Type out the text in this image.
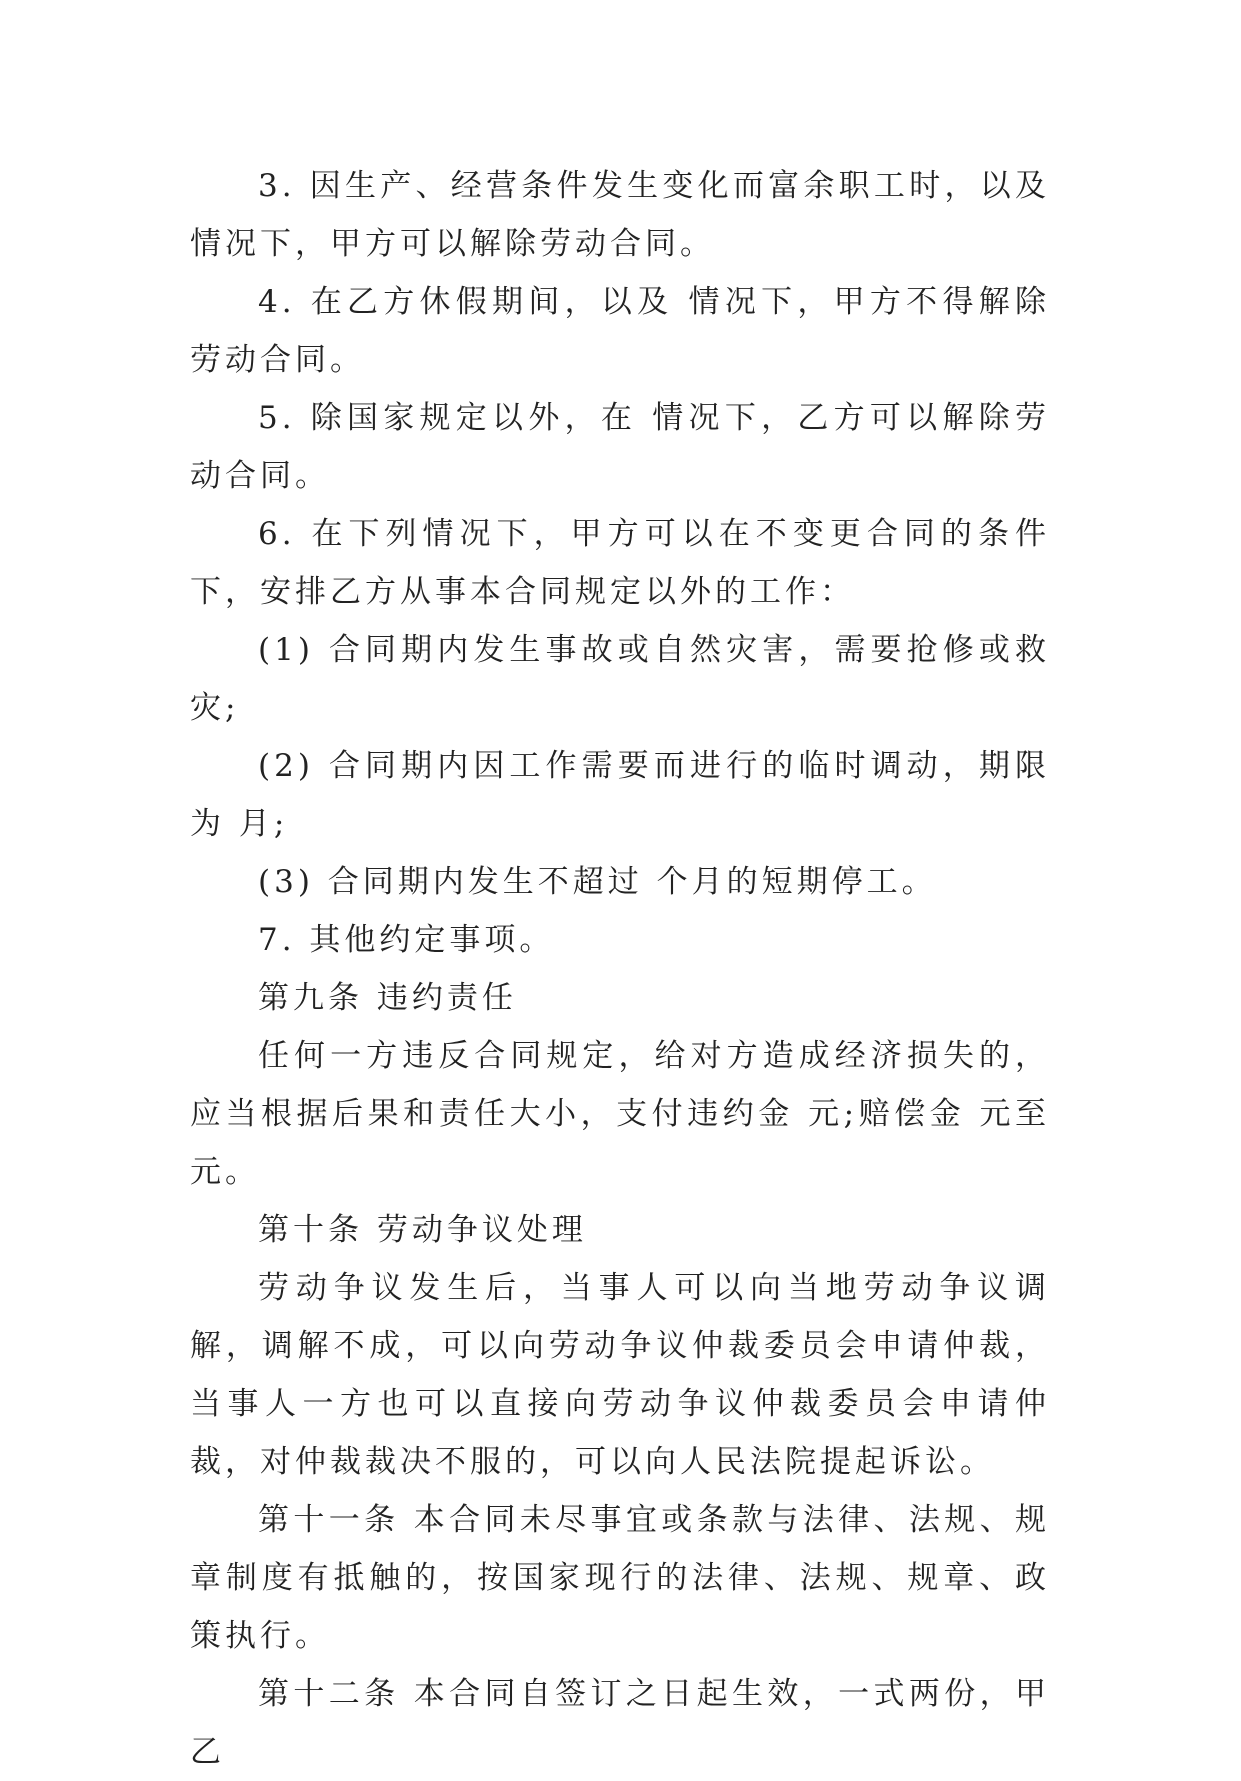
3. 因生产、经营条件发生变化而富余职工时，以及 情况下，甲方可以解除劳动合同。

4. 在乙方休假期间，以及 情况下，甲方不得解除劳动合同。

5. 除国家规定以外，在 情况下，乙方可以解除劳动合同。

6. 在下列情况下，甲方可以在不变更合同的条件下，安排乙方从事本合同规定以外的工作：

(1) 合同期内发生事故或自然灾害，需要抢修或救灾;

(2) 合同期内因工作需要而进行的临时调动，期限为 月;

(3) 合同期内发生不超过 个月的短期停工。

7. 其他约定事项。

第九条 违约责任

任何一方违反合同规定，给对方造成经济损失的，应当根据后果和责任大小，支付违约金 元;赔偿金 元至 元。

第十条 劳动争议处理

劳动争议发生后，当事人可以向当地劳动争议调解，调解不成，可以向劳动争议仲裁委员会申请仲裁，当事人一方也可以直接向劳动争议仲裁委员会申请仲裁，对仲裁裁决不服的，可以向人民法院提起诉讼。

第十一条 本合同未尽事宜或条款与法律、法规、规章制度有抵触的，按国家现行的法律、法规、规章、政策执行。

第十二条 本合同自签订之日起生效，一式两份，甲乙
